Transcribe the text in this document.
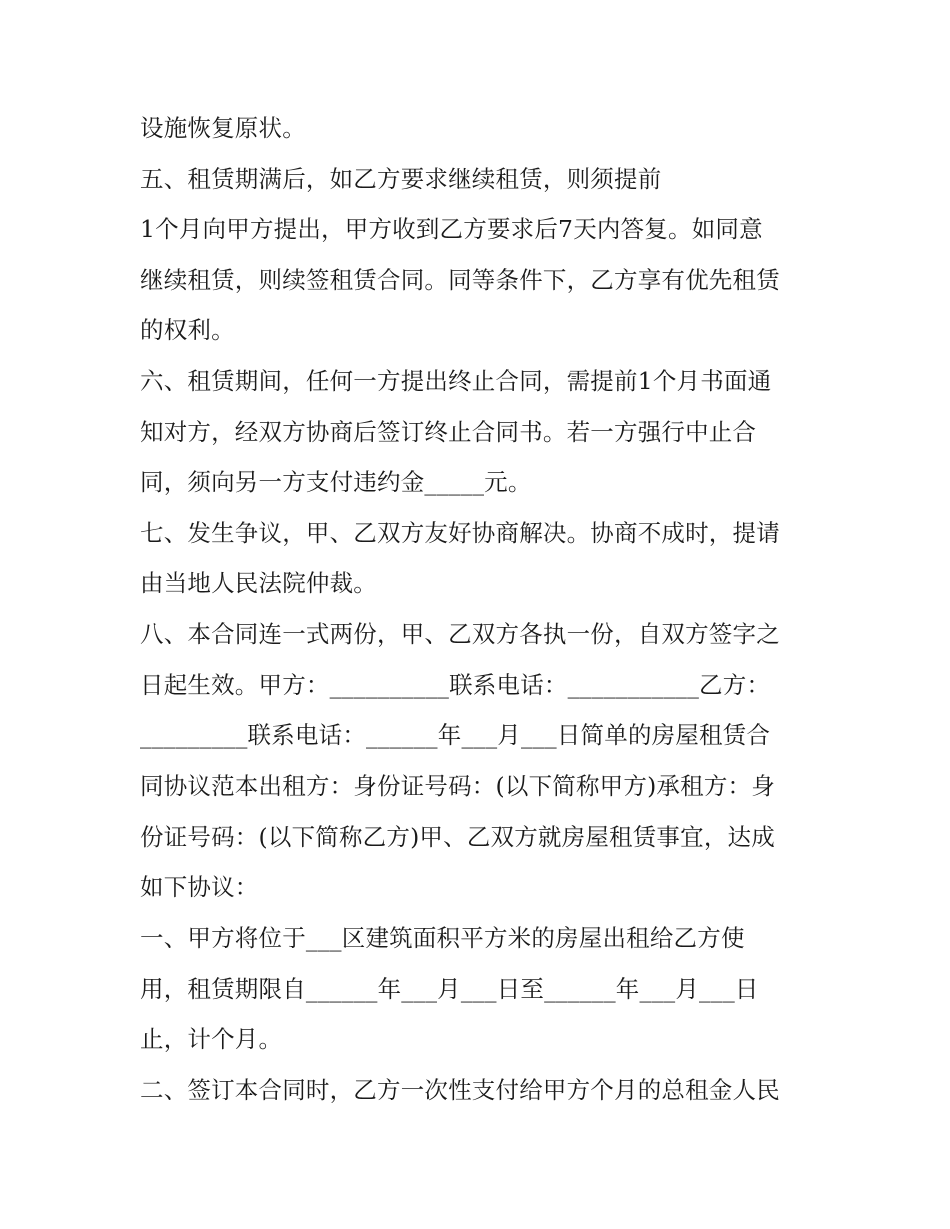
设施恢复原状。
五、租赁期满后，如乙方要求继续租赁，则须提前
1个月向甲方提出，甲方收到乙方要求后7天内答复。如同意
继续租赁，则续签租赁合同。同等条件下，乙方享有优先租赁
的权利。
六、租赁期间，任何一方提出终止合同，需提前1个月书面通
知对方，经双方协商后签订终止合同书。若一方强行中止合
同，须向另一方支付违约金_____元。
七、发生争议，甲、乙双方友好协商解决。协商不成时，提请
由当地人民法院仲裁。
八、本合同连一式两份，甲、乙双方各执一份，自双方签字之
日起生效。甲方：__________联系电话：___________乙方：
_________联系电话：______年___月___日简单的房屋租赁合
同协议范本出租方：身份证号码：(以下简称甲方)承租方：身
份证号码：(以下简称乙方)甲、乙双方就房屋租赁事宜，达成
如下协议：
一、甲方将位于___区建筑面积平方米的房屋出租给乙方使
用，租赁期限自______年___月___日至______年___月___日
止，计个月。
二、签订本合同时，乙方一次性支付给甲方个月的总租金人民
